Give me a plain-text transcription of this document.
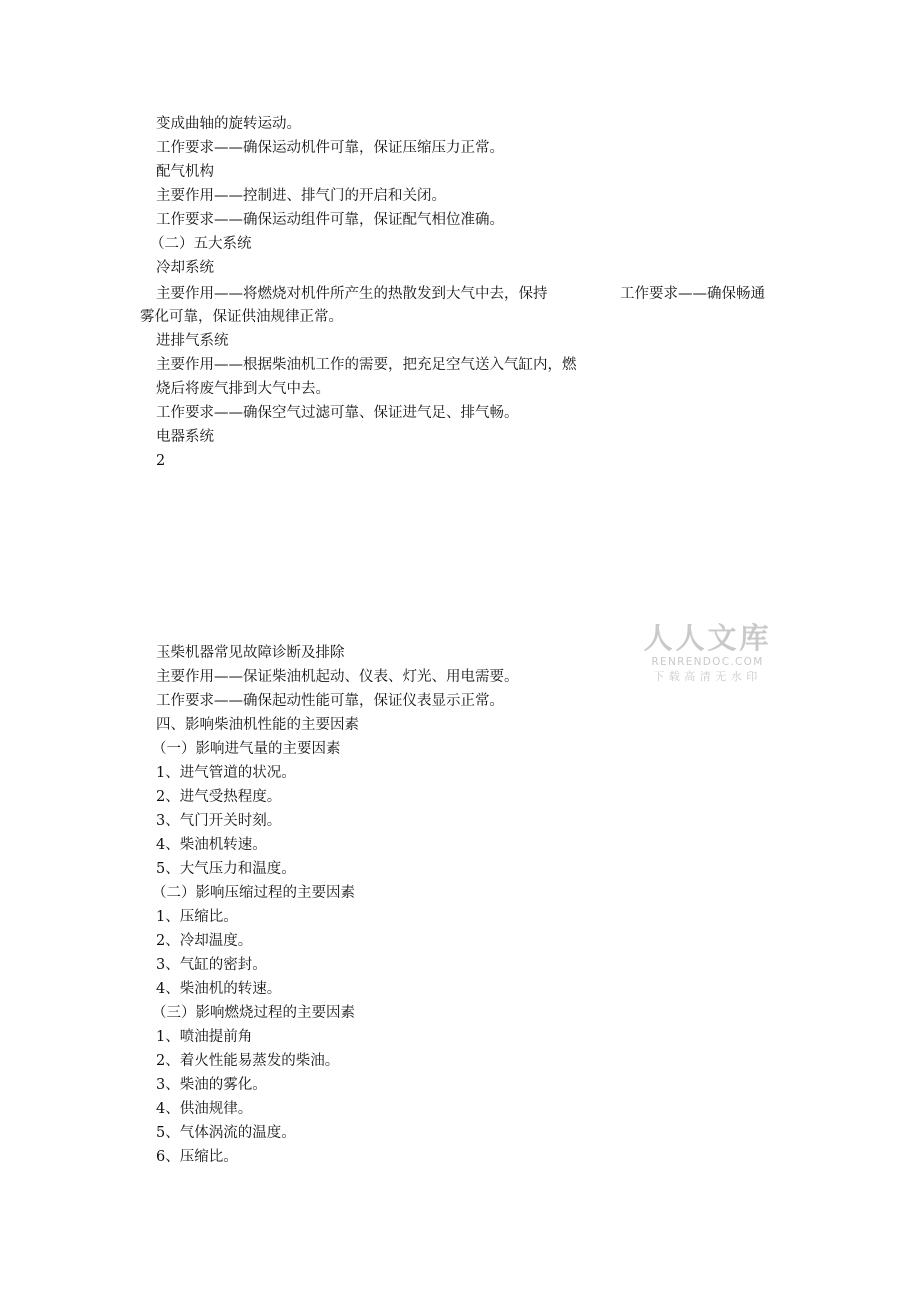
变成曲轴的旋转运动。
工作要求——确保运动机件可靠，保证压缩压力正常。
配气机构
主要作用——控制进、排气门的开启和关闭。
工作要求——确保运动组件可靠，保证配气相位准确。
（二）五大系统
冷却系统
主要作用——将燃烧对机件所产生的热散发到大气中去，保持	工作要求——确保畅通
雾化可靠，保证供油规律正常。
进排气系统
主要作用——根据柴油机工作的需要，把充足空气送入气缸内，燃
烧后将废气排到大气中去。
工作要求——确保空气过滤可靠、保证进气足、排气畅。
电器系统
2
人人文库
RENRENDOC.COM
下载高清无水印
玉柴机器常见故障诊断及排除
主要作用——保证柴油机起动、仪表、灯光、用电需要。
工作要求——确保起动性能可靠，保证仪表显示正常。
四、影响柴油机性能的主要因素
（一）影响进气量的主要因素
1、进气管道的状况。
2、进气受热程度。
3、气门开关时刻。
4、柴油机转速。
5、大气压力和温度。
（二）影响压缩过程的主要因素
1、压缩比。
2、冷却温度。
3、气缸的密封。
4、柴油机的转速。
（三）影响燃烧过程的主要因素
1、喷油提前角
2、着火性能易蒸发的柴油。
3、柴油的雾化。
4、供油规律。
5、气体涡流的温度。
6、压缩比。
